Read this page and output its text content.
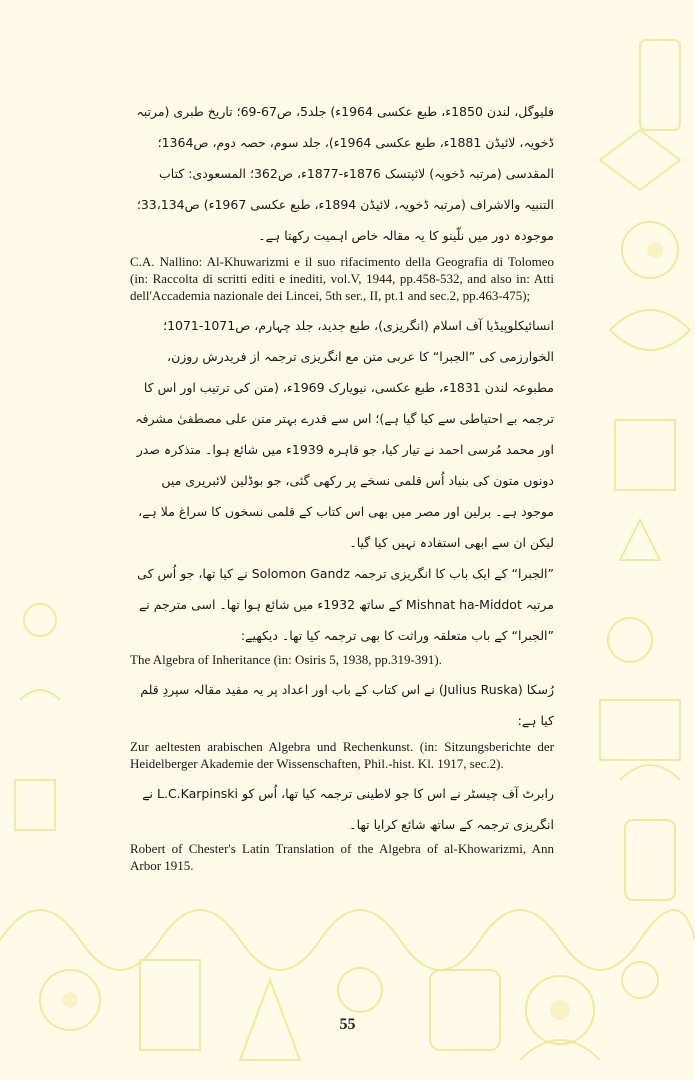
فلیوگل، لندن 1850ء، طبع عکسی 1964ء) جلد5، ص67-69؛ تاریخ طبری (مرتبہ ڈخویہ، لائیڈن 1881ء، طبع عکسی 1964ء)، جلد سوم، حصہ دوم، ص1364؛ المقدسی (مرتبہ ڈخویہ) لائپتسک 1876ء-1877ء، ص362؛ المسعودی: کتاب التنبیہ والاشراف (مرتبہ ڈخویہ، لائیڈن 1894ء، طبع عکسی 1967ء) ص33،134؛ موجودہ دور میں نلّینو کا یہ مقالہ خاص اہمیت رکھتا ہے۔

C.A. Nallino: Al-Khuwarizmi e il suo rifacimento della Geografia di Tolomeo (in: Raccolta di scritti editi e inediti, vol.V, 1944, pp.458-532, and also in: Atti dell'Accademia nazionale dei Lincei, 5th ser., II, pt.1 and sec.2, pp.463-475);

انسائیکلوپیڈیا آف اسلام (انگریزی)، طبع جدید، جلد چہارم، ص1071-1071؛

الخوارزمی کی ”الجبرا“ کا عربی متن مع انگریزی ترجمہ از فریدرش روزن، مطبوعہ لندن 1831ء، طبع عکسی، نیویارک 1969ء، (متن کی ترتیب اور اس کا ترجمہ بے احتیاطی سے کیا گیا ہے)؛ اس سے قدرے بہتر متن علی مصطفیٰ مشرفہ اور محمد مُرسی احمد نے تیار کیا، جو قاہرہ 1939ء میں شائع ہوا۔ متذکرہ صدر دونوں متون کی بنیاد اُس قلمی نسخے پر رکھی گئی، جو بوڈلین لائبریری میں موجود ہے۔ برلین اور مصر میں بھی اس کتاب کے قلمی نسخوں کا سراغ ملا ہے، لیکن ان سے ابھی استفادہ نہیں کیا گیا۔

”الجبرا“ کے ایک باب کا انگریزی ترجمہ Solomon Gandz نے کیا تھا، جو اُس کی مرتبہ Mishnat ha-Middot کے ساتھ 1932ء میں شائع ہوا تھا۔ اسی مترجم نے ”الجبرا“ کے باب متعلقہ وراثت کا بھی ترجمہ کیا تھا۔ دیکھیے:

The Algebra of Inheritance (in: Osiris 5, 1938, pp.319-391).

رُسکا (Julius Ruska) نے اس کتاب کے باب اور اعداد پر یہ مفید مقالہ سپردِ قلم کیا ہے:

Zur aeltesten arabischen Algebra und Rechenkunst. (in: Sitzungsberichte der Heidelberger Akademie der Wissenschaften, Phil.-hist. Kl. 1917, sec.2).

رابرٹ آف چیسٹر نے اس کا جو لاطینی ترجمہ کیا تھا، اُس کو L.C.Karpinski نے انگریزی ترجمہ کے ساتھ شائع کرایا تھا۔

Robert of Chester's Latin Translation of the Algebra of al-Khowarizmi, Ann Arbor 1915.

55
